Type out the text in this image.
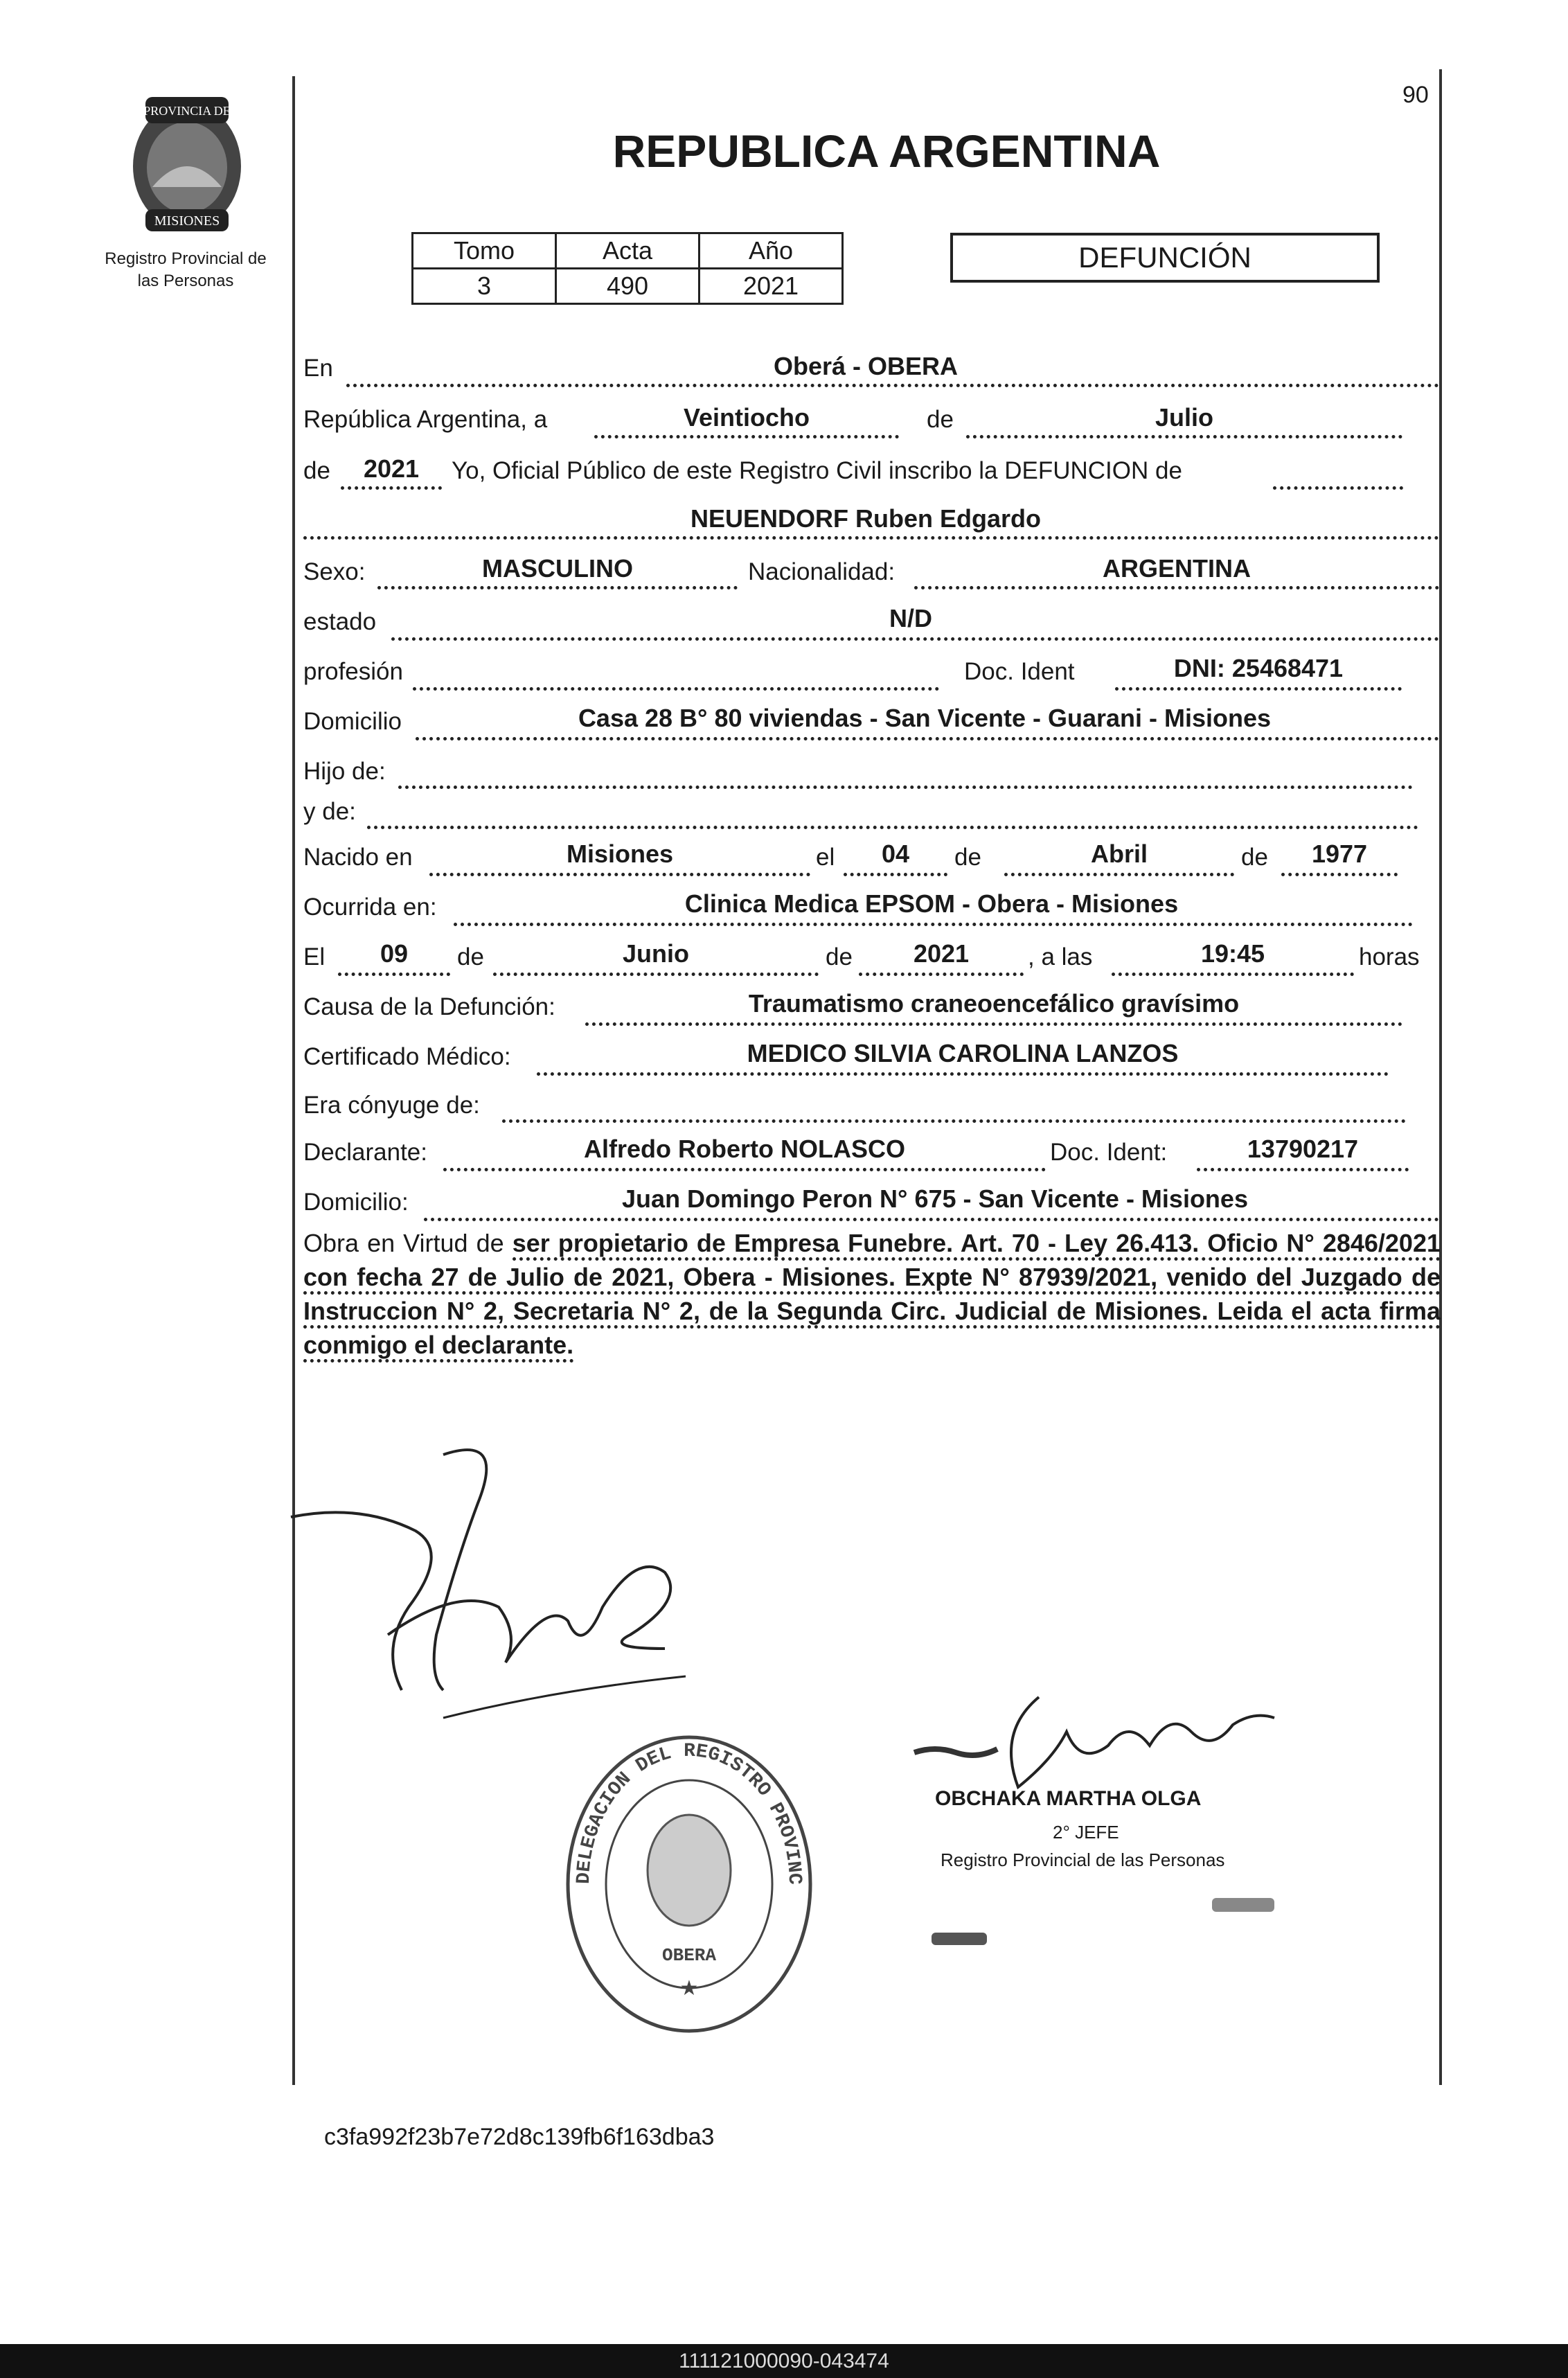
90
PROVINCIA DE
MISIONES
Registro Provincial de
las Personas
REPUBLICA ARGENTINA
Tomo	Acta	Año
3	490	2021
DEFUNCIÓN
En	Oberá - OBERA
República Argentina, a	Veintiocho	de	Julio
de	2021	Yo, Oficial Público de este Registro Civil inscribo la DEFUNCION de
NEUENDORF Ruben Edgardo
Sexo:	MASCULINO	Nacionalidad:	ARGENTINA
estado	N/D
profesión	Doc. Ident	DNI: 25468471
Domicilio	Casa 28 B° 80 viviendas - San Vicente - Guarani - Misiones
Hijo de:
y de:
Nacido en	Misiones	el	04	de	Abril	de	1977
Ocurrida en:	Clinica Medica EPSOM - Obera - Misiones
El	09	de	Junio	de	2021	, a las	19:45	horas
Causa de la Defunción:	Traumatismo craneoencefálico gravísimo
Certificado Médico:	MEDICO SILVIA CAROLINA LANZOS
Era cónyuge de:
Declarante:	Alfredo Roberto NOLASCO	Doc. Ident:	13790217
Domicilio:	Juan Domingo Peron N° 675 - San Vicente - Misiones
Obra en Virtud de ser propietario de Empresa Funebre. Art. 70 - Ley 26.413. Oficio N° 2846/2021 con fecha 27 de Julio de 2021, Obera - Misiones. Expte N° 87939/2021, venido del Juzgado de Instruccion N° 2, Secretaria N° 2, de la Segunda Circ. Judicial de Misiones. Leida el acta firma conmigo el declarante.
Nolasco
Ochaka
OBCHAKA MARTHA OLGA
2° JEFE
Registro Provincial de las Personas
DELEGACION DEL REGISTRO PROVINC
OBERA
★
c3fa992f23b7e72d8c139fb6f163dba3
111121000090-043474
